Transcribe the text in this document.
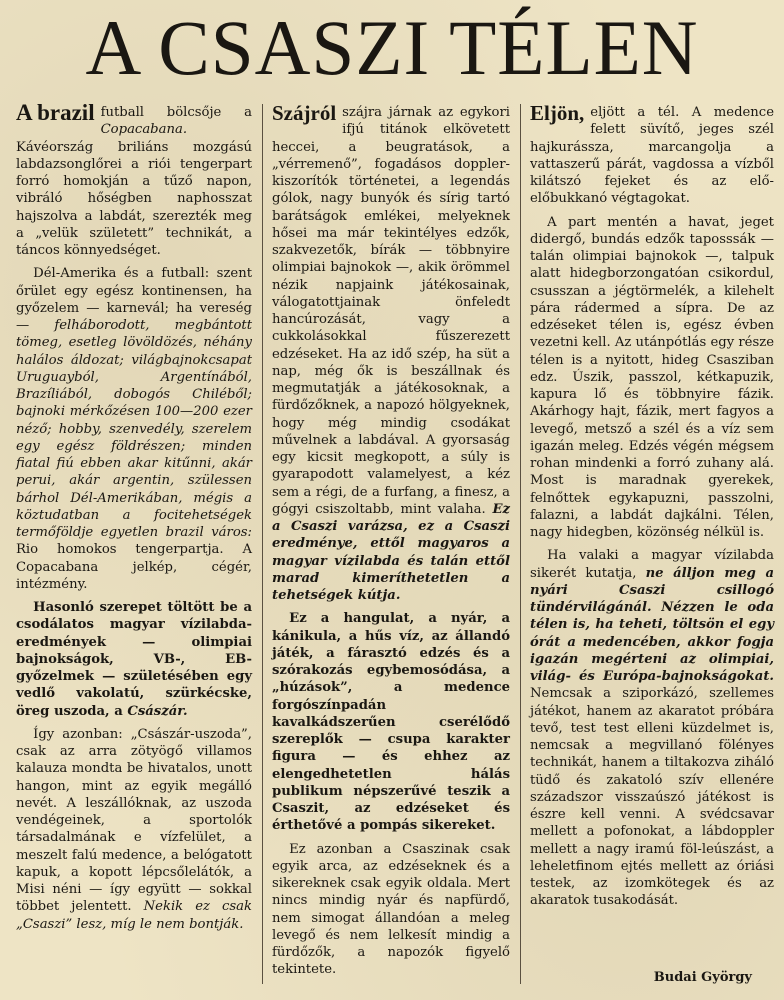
A CSASZI TÉLEN

A brazil futball bölcsője a Copacabana. Kávéország briliáns mozgású labdazsonglőrei a riói tengerpart forró homokján a tűző napon, vibráló hőségben naphosszat hajszolva a labdát, szerezték meg a „velük született” technikát, a táncos könnyedséget.

Dél-Amerika és a futball: szent őrület egy egész kontinensen, ha győzelem — karnevál; ha vereség — felháborodott, megbántott tömeg, esetleg lövöldözés, néhány halálos áldozat; világbajnokcsapat Uruguayból, Argentínából, Brazíliából, dobogós Chiléből; bajnoki mérkőzésen 100—200 ezer néző; hobby, szenvedély, szerelem egy egész földrészen; minden fiatal fiú ebben akar kitűnni, akár perui, akár argentin, szülessen bárhol Dél-Amerikában, mégis a köztudatban a focitehetségek termőföldje egyetlen brazil város: Rio homokos tengerpartja. A Copacabana jelkép, cégér, intézmény.

Hasonló szerepet töltött be a csodálatos magyar vízilabda-eredmények — olimpiai bajnokságok, VB-, EB-győzelmek — születésében egy vedlő vakolatú, szürkécske, öreg uszoda, a Császár.

Így azonban: „Császár-uszoda”, csak az arra zötyögő villamos kalauza mondta be hivatalos, unott hangon, mint az egyik megálló nevét. A leszállóknak, az uszoda vendégeinek, a sportolók társadalmának e vízfelület, a meszelt falú medence, a belógatott kapuk, a kopott lépcsőlelátók, a Misi néni — így együtt — sokkal többet jelentett. Nekik ez csak „Csaszi” lesz, míg le nem bontják.

Szájról szájra járnak az egykori ifjú titánok elkövetett heccei, a beugratások, a „vérremenő”, fogadásos doppler-kiszorítók történetei, a legendás gólok, nagy bunyók és sírig tartó barátságok emlékei, melyeknek hősei ma már tekintélyes edzők, szakvezetők, bírák — többnyire olimpiai bajnokok —, akik örömmel nézik napjaink játékosainak, válogatottjainak önfeledt hancúrozását, vagy a cukkolásokkal fűszerezett edzéseket. Ha az idő szép, ha süt a nap, még ők is beszállnak és megmutatják a játékosoknak, a fürdőzőknek, a napozó hölgyeknek, hogy még mindig csodákat művelnek a labdával. A gyorsaság egy kicsit megkopott, a súly is gyarapodott valamelyest, a kéz sem a régi, de a furfang, a finesz, a gógyi csiszoltabb, mint valaha. Ez a Csaszi varázsa, ez a Csaszi eredménye, ettől magyaros a magyar vízilabda és talán ettől marad kimeríthetetlen a tehetségek kútja.

Ez a hangulat, a nyár, a kánikula, a hűs víz, az állandó játék, a fárasztó edzés és a szórakozás egybemosódása, a „húzások”, a medence forgószínpadán kavalkádszerűen cserélődő szereplők — csupa karakter figura — és ehhez az elengedhetetlen hálás publikum népszerűvé teszik a Csaszit, az edzéseket és érthetővé a pompás sikereket.

Ez azonban a Csaszinak csak egyik arca, az edzéseknek és a sikereknek csak egyik oldala. Mert nincs mindig nyár és napfürdő, nem simogat állandóan a meleg levegő és nem lelkesít mindig a fürdőzők, a napozók figyelő tekintete.

Eljön, eljött a tél. A medence felett süvítő, jeges szél hajkurássza, marcangolja a vattaszerű párát, vagdossa a vízből kilátszó fejeket és az elő-előbukkanó végtagokat.

A part mentén a havat, jeget didergő, bundás edzők taposssák — talán olimpiai bajnokok —, talpuk alatt hidegborzongatóan csikordul, csusszan a jégtörmelék, a kilehelt pára rádermed a sípra. De az edzéseket télen is, egész évben vezetni kell. Az utánpótlás egy része télen is a nyitott, hideg Csasziban edz. Úszik, passzol, kétkapuzik, kapura lő és többnyire fázik. Akárhogy hajt, fázik, mert fagyos a levegő, metsző a szél és a víz sem igazán meleg. Edzés végén mégsem rohan mindenki a forró zuhany alá. Most is maradnak gyerekek, felnőttek egykapuzni, passzolni, falazni, a labdát dajkálni. Télen, nagy hidegben, közönség nélkül is.

Ha valaki a magyar vízilabda sikerét kutatja, ne álljon meg a nyári Csaszi csillogó tündérvilágánál. Nézzen le oda télen is, ha teheti, töltsön el egy órát a medencében, akkor fogja igazán megérteni az olimpiai, világ- és Európa-bajnokságokat. Nemcsak a sziporkázó, szellemes játékot, hanem az akaratot próbára tevő, test test elleni küzdelmet is, nemcsak a megvillanó fölényes technikát, hanem a tiltakozva ziháló tüdő és zakatoló szív ellenére századszor visszaúszó játékost is észre kell venni. A svédcsavar mellett a pofonokat, a lábdoppler mellett a nagy iramú föl-leúszást, a leheletfinom ejtés mellett az óriási testek, az izomkötegek és az akaratok tusakodását.

Budai György
